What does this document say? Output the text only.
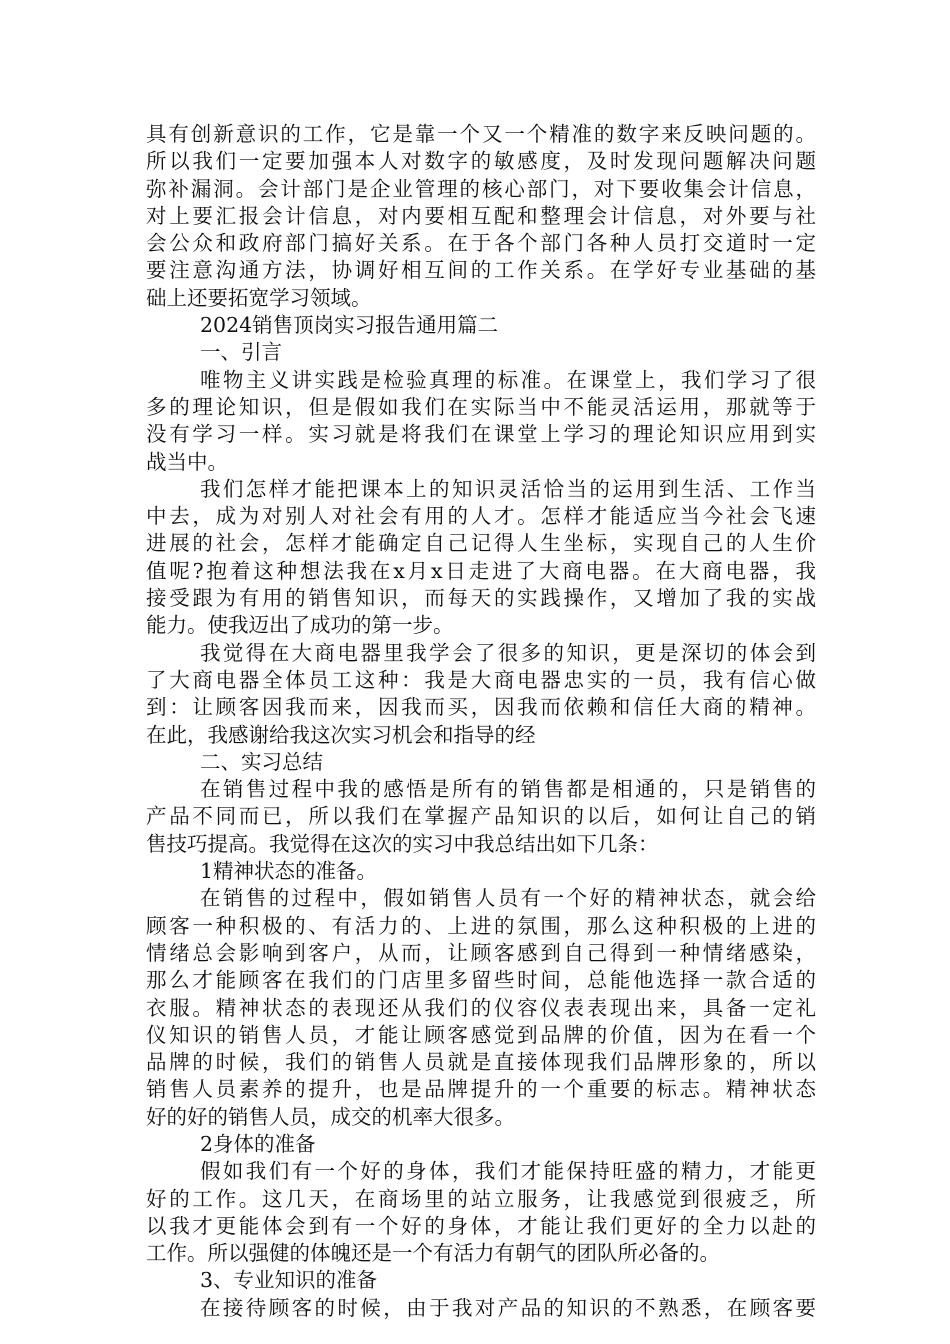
具有创新意识的工作，它是靠一个又一个精准的数字来反映问题的。
所以我们一定要加强本人对数字的敏感度，及时发现问题解决问题
弥补漏洞。会计部门是企业管理的核心部门，对下要收集会计信息，
对上要汇报会计信息，对内要相互配和整理会计信息，对外要与社
会公众和政府部门搞好关系。在于各个部门各种人员打交道时一定
要注意沟通方法，协调好相互间的工作关系。在学好专业基础的基
础上还要拓宽学习领域。
2024销售顶岗实习报告通用篇二
一、引言
唯物主义讲实践是检验真理的标准。在课堂上，我们学习了很
多的理论知识，但是假如我们在实际当中不能灵活运用，那就等于
没有学习一样。实习就是将我们在课堂上学习的理论知识应用到实
战当中。
我们怎样才能把课本上的知识灵活恰当的运用到生活、工作当
中去，成为对别人对社会有用的人才。怎样才能适应当今社会飞速
进展的社会，怎样才能确定自己记得人生坐标，实现自己的人生价
值呢?抱着这种想法我在x月x日走进了大商电器。在大商电器，我
接受跟为有用的销售知识，而每天的实践操作，又增加了我的实战
能力。使我迈出了成功的第一步。
我觉得在大商电器里我学会了很多的知识，更是深切的体会到
了大商电器全体员工这种：我是大商电器忠实的一员，我有信心做
到：让顾客因我而来，因我而买，因我而依赖和信任大商的精神。
在此，我感谢给我这次实习机会和指导的经
二、实习总结
在销售过程中我的感悟是所有的销售都是相通的，只是销售的
产品不同而已，所以我们在掌握产品知识的以后，如何让自己的销
售技巧提高。我觉得在这次的实习中我总结出如下几条：
1精神状态的准备。
在销售的过程中，假如销售人员有一个好的精神状态，就会给
顾客一种积极的、有活力的、上进的氛围，那么这种积极的上进的
情绪总会影响到客户，从而，让顾客感到自己得到一种情绪感染，
那么才能顾客在我们的门店里多留些时间，总能他选择一款合适的
衣服。精神状态的表现还从我们的仪容仪表表现出来，具备一定礼
仪知识的销售人员，才能让顾客感觉到品牌的价值，因为在看一个
品牌的时候，我们的销售人员就是直接体现我们品牌形象的，所以
销售人员素养的提升，也是品牌提升的一个重要的标志。精神状态
好的好的销售人员，成交的机率大很多。
2身体的准备
假如我们有一个好的身体，我们才能保持旺盛的精力，才能更
好的工作。这几天，在商场里的站立服务，让我感觉到很疲乏，所
以我才更能体会到有一个好的身体，才能让我们更好的全力以赴的
工作。所以强健的体魄还是一个有活力有朝气的团队所必备的。
3、专业知识的准备
在接待顾客的时候，由于我对产品的知识的不熟悉，在顾客要
